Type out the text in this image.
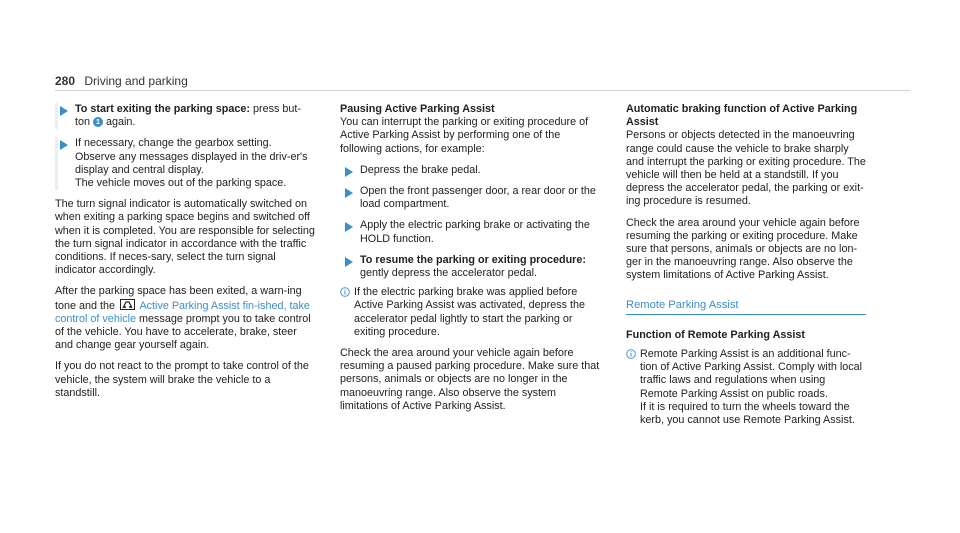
280 Driving and parking
To start exiting the parking space: press but-ton 1 again.
If necessary, change the gearbox setting. Observe any messages displayed in the driv-er's display and central display.
The vehicle moves out of the parking space.

The turn signal indicator is automatically switched on when exiting a parking space begins and switched off when it is completed. You are responsible for selecting the turn signal indicator in accordance with the traffic conditions. If neces-sary, select the turn signal indicator accordingly.

After the parking space has been exited, a warn-ing tone and the Active Parking Assist fin-ished, take control of vehicle message prompt you to take control of the vehicle. You have to accelerate, brake, steer and change gear yourself again.

If you do not react to the prompt to take control of the vehicle, the system will brake the vehicle to a standstill.

Pausing Active Parking Assist

You can interrupt the parking or exiting procedure of Active Parking Assist by performing one of the following actions, for example:

Depress the brake pedal.
Open the front passenger door, a rear door or the load compartment.
Apply the electric parking brake or activating the HOLD function.
To resume the parking or exiting procedure:
gently depress the accelerator pedal.
If the electric parking brake was applied before Active Parking Assist was activated, depress the accelerator pedal lightly to start the parking or exiting procedure.

Check the area around your vehicle again before resuming a paused parking procedure. Make sure that persons, animals or objects are no longer in the manoeuvring range. Also observe the system limitations of Active Parking Assist.

Automatic braking function of Active Parking Assist

Persons or objects detected in the manoeuvring range could cause the vehicle to brake sharply and interrupt the parking or exiting procedure. The vehicle will then be held at a standstill. If you depress the accelerator pedal, the parking or exit-ing procedure is resumed.

Check the area around your vehicle again before resuming the parking or exiting procedure. Make sure that persons, animals or objects are no lon-ger in the manoeuvring range. Also observe the system limitations of Active Parking Assist.

Remote Parking Assist
Function of Remote Parking Assist
Remote Parking Assist is an additional func-tion of Active Parking Assist. Comply with local traffic laws and regulations when using Remote Parking Assist on public roads.
If it is required to turn the wheels toward the kerb, you cannot use Remote Parking Assist.
